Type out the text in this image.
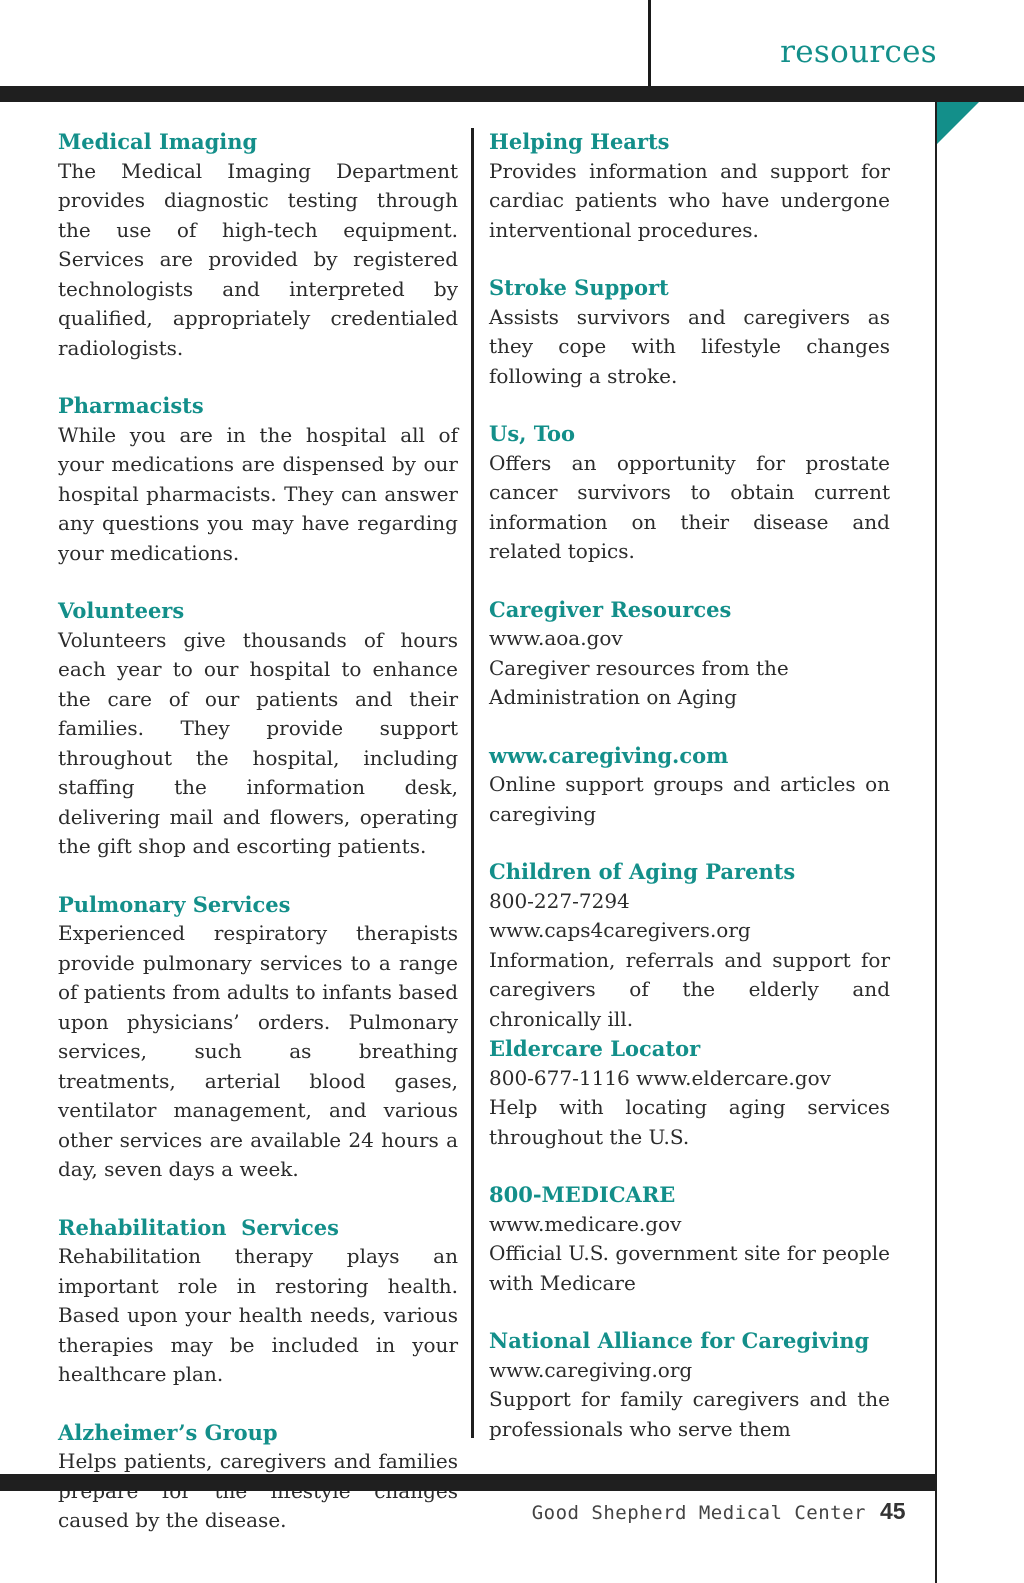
resources
Medical Imaging
The Medical Imaging Department provides diagnostic testing through the use of high-tech equipment. Services are provided by registered technologists and interpreted by qualified, appropriately credentialed radiologists.
Pharmacists
While you are in the hospital all of your medications are dispensed by our hospital pharmacists. They can answer any questions you may have regarding your medications.
Volunteers
Volunteers give thousands of hours each year to our hospital to enhance the care of our patients and their families. They provide support throughout the hospital, including staffing the information desk, delivering mail and flowers, operating the gift shop and escorting patients.
Pulmonary Services
Experienced respiratory therapists provide pulmonary services to a range of patients from adults to infants based upon physicians’ orders. Pulmonary services, such as breathing treatments, arterial blood gases, ventilator management, and various other services are available 24 hours a day, seven days a week.
Rehabilitation  Services
Rehabilitation therapy plays an important role in restoring health. Based upon your health needs, various therapies may be included in your healthcare plan.
Alzheimer’s Group
Helps patients, caregivers and families caused by the disease.
Helping Hearts
Provides information and support for cardiac patients who have undergone interventional procedures.
Stroke Support
Assists survivors and caregivers as they cope with lifestyle changes following a stroke.
Us, Too
Offers an opportunity for prostate cancer survivors to obtain current information on their disease and related topics.
Caregiver Resources
www.aoa.gov
Caregiver resources from the
Administration on Aging
www.caregiving.com
Online support groups and articles on caregiving
Children of Aging Parents
800-227-7294www.caps4caregivers.org
Information, referrals and support for caregivers of the elderly and chronically ill.
Eldercare Locator
800-677-1116 www.eldercare.gov
Help with locating aging services throughout the U.S.
800-MEDICARE
www.medicare.gov
Official U.S. government site for people with Medicare
National Alliance for Caregiving
www.caregiving.org
Support for family caregivers and the professionals who serve them
Good Shepherd Medical Center 45
